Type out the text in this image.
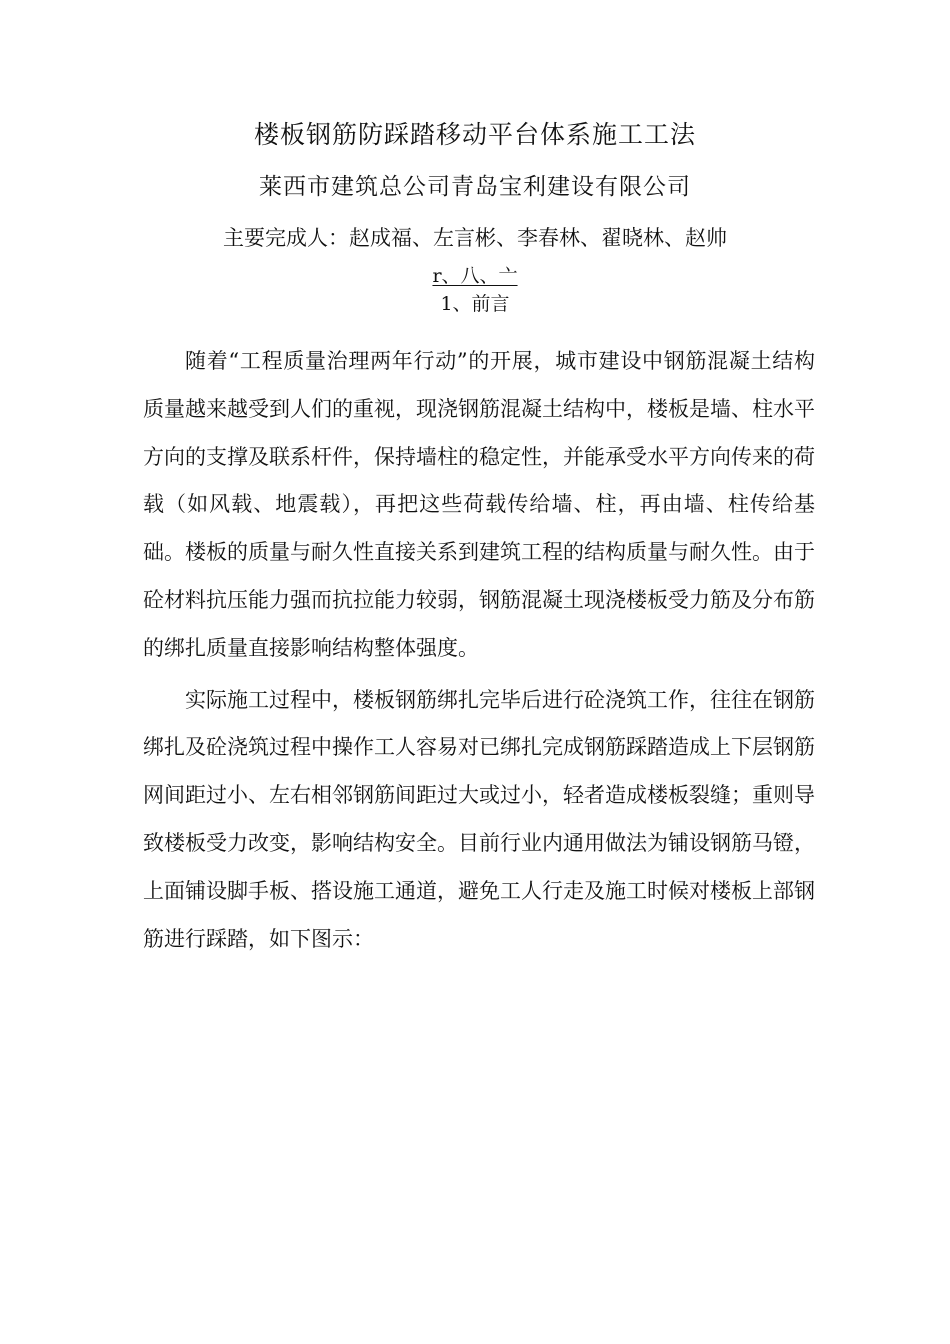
楼板钢筋防踩踏移动平台体系施工工法
莱西市建筑总公司青岛宝利建设有限公司
主要完成人：赵成福、左言彬、李春林、翟晓林、赵帅
r、八、亠
1、前言

随着“工程质量治理两年行动”的开展，城市建设中钢筋混凝土结构质量越来越受到人们的重视，现浇钢筋混凝土结构中，楼板是墙、柱水平方向的支撑及联系杆件，保持墙柱的稳定性，并能承受水平方向传来的荷载（如风载、地震载），再把这些荷载传给墙、柱，再由墙、柱传给基础。楼板的质量与耐久性直接关系到建筑工程的结构质量与耐久性。由于砼材料抗压能力强而抗拉能力较弱，钢筋混凝土现浇楼板受力筋及分布筋的绑扎质量直接影响结构整体强度。

实际施工过程中，楼板钢筋绑扎完毕后进行砼浇筑工作，往往在钢筋绑扎及砼浇筑过程中操作工人容易对已绑扎完成钢筋踩踏造成上下层钢筋网间距过小、左右相邻钢筋间距过大或过小，轻者造成楼板裂缝；重则导致楼板受力改变，影响结构安全。目前行业内通用做法为铺设钢筋马镫，上面铺设脚手板、搭设施工通道，避免工人行走及施工时候对楼板上部钢筋进行踩踏，如下图示：
